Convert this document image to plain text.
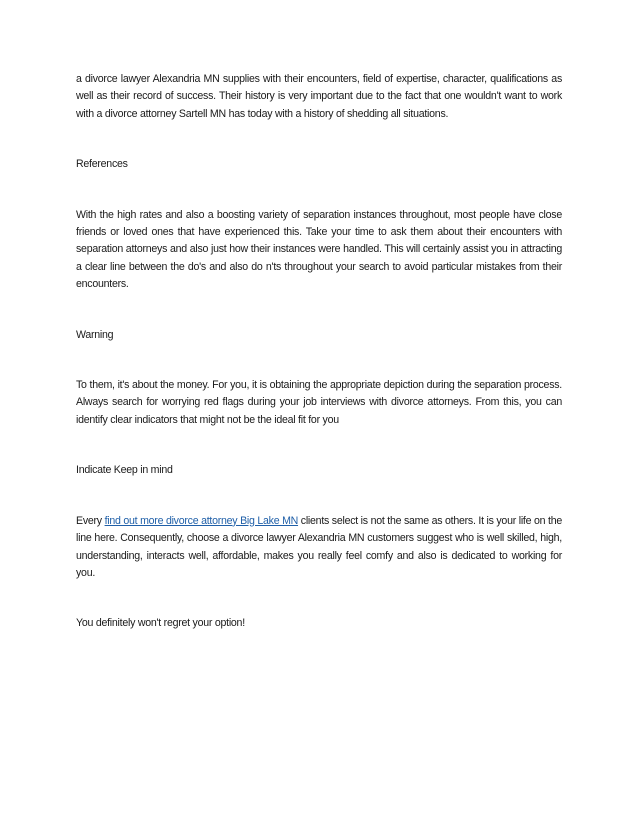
a divorce lawyer Alexandria MN supplies with their encounters, field of expertise, character, qualifications as well as their record of success. Their history is very important due to the fact that one wouldn't want to work with a divorce attorney Sartell MN has today with a history of shedding all situations.

References

With the high rates and also a boosting variety of separation instances throughout, most people have close friends or loved ones that have experienced this. Take your time to ask them about their encounters with separation attorneys and also just how their instances were handled. This will certainly assist you in attracting a clear line between the do's and also do n'ts throughout your search to avoid particular mistakes from their encounters.

Warning

To them, it's about the money. For you, it is obtaining the appropriate depiction during the separation process. Always search for worrying red flags during your job interviews with divorce attorneys. From this, you can identify clear indicators that might not be the ideal fit for you

Indicate Keep in mind

Every find out more divorce attorney Big Lake MN clients select is not the same as others. It is your life on the line here. Consequently, choose a divorce lawyer Alexandria MN customers suggest who is well skilled, high, understanding, interacts well, affordable, makes you really feel comfy and also is dedicated to working for you.

You definitely won't regret your option!
